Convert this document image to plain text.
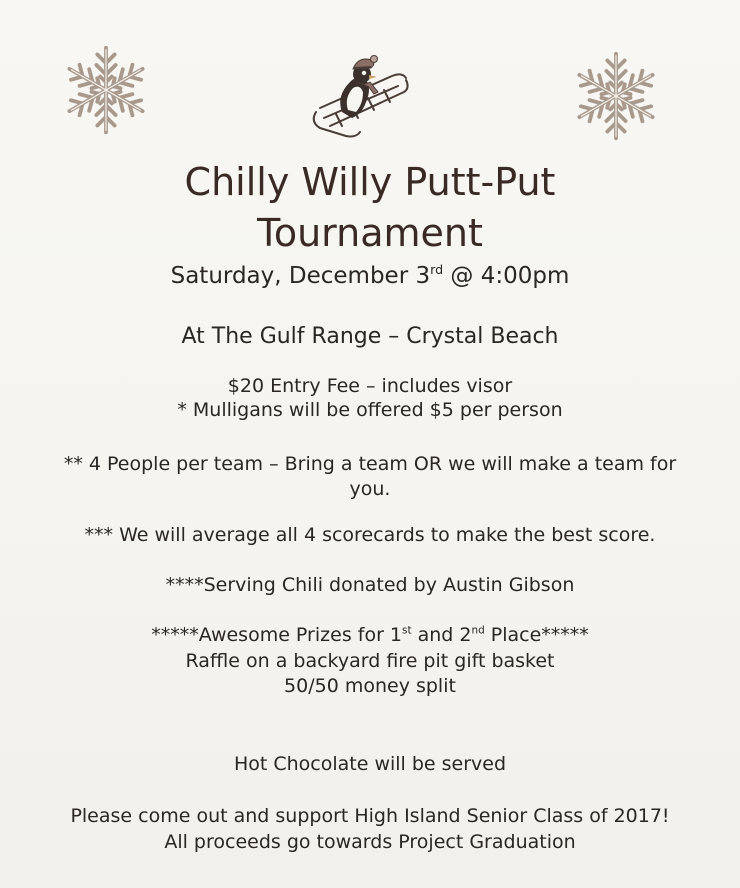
Chilly Willy Putt-Put
Tournament

Saturday, December 3rd @ 4:00pm

At The Gulf Range – Crystal Beach

$20 Entry Fee – includes visor

* Mulligans will be offered $5 per person

** 4 People per team – Bring a team OR we will make a team for

you.

*** We will average all 4 scorecards to make the best score.

****Serving Chili donated by Austin Gibson

*****Awesome Prizes for 1st and 2nd Place*****

Raffle on a backyard fire pit gift basket

50/50 money split

Hot Chocolate will be served

Please come out and support High Island Senior Class of 2017!

All proceeds go towards Project Graduation
